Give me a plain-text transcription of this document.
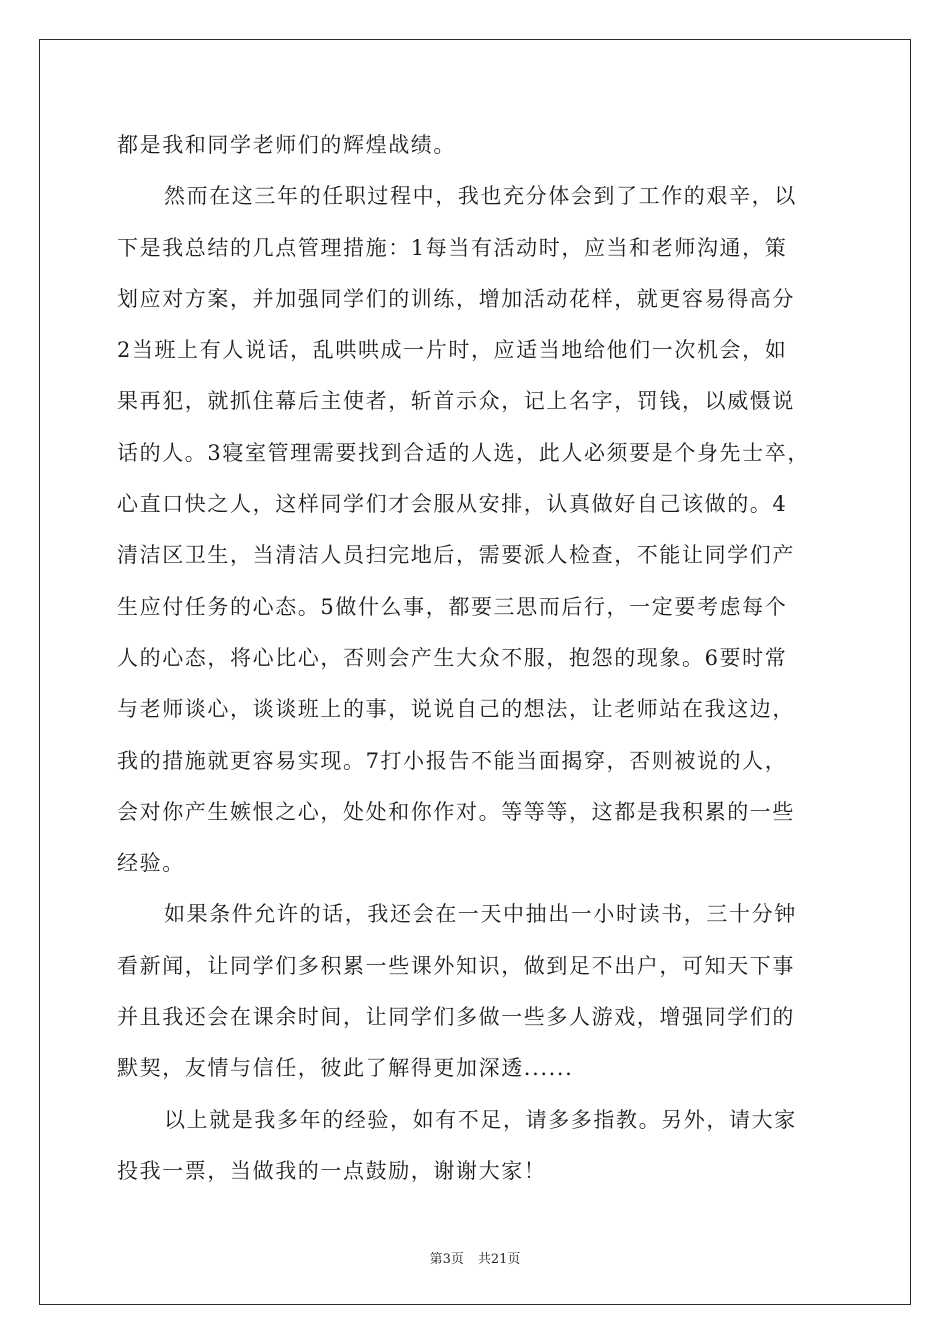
都是我和同学老师们的辉煌战绩。
然而在这三年的任职过程中，我也充分体会到了工作的艰辛，以
下是我总结的几点管理措施：1每当有活动时，应当和老师沟通，策
划应对方案，并加强同学们的训练，增加活动花样，就更容易得高分
2当班上有人说话，乱哄哄成一片时，应适当地给他们一次机会，如
果再犯，就抓住幕后主使者，斩首示众，记上名字，罚钱，以威慑说
话的人。3寝室管理需要找到合适的人选，此人必须要是个身先士卒，
心直口快之人，这样同学们才会服从安排，认真做好自己该做的。4
清洁区卫生，当清洁人员扫完地后，需要派人检查，不能让同学们产
生应付任务的心态。5做什么事，都要三思而后行，一定要考虑每个
人的心态，将心比心，否则会产生大众不服，抱怨的现象。6要时常
与老师谈心，谈谈班上的事，说说自己的想法，让老师站在我这边，
我的措施就更容易实现。7打小报告不能当面揭穿，否则被说的人，
会对你产生嫉恨之心，处处和你作对。等等等，这都是我积累的一些
经验。
如果条件允许的话，我还会在一天中抽出一小时读书，三十分钟
看新闻，让同学们多积累一些课外知识，做到足不出户，可知天下事
并且我还会在课余时间，让同学们多做一些多人游戏，增强同学们的
默契，友情与信任，彼此了解得更加深透......
以上就是我多年的经验，如有不足，请多多指教。另外，请大家
投我一票，当做我的一点鼓励，谢谢大家！
第3页 共21页
